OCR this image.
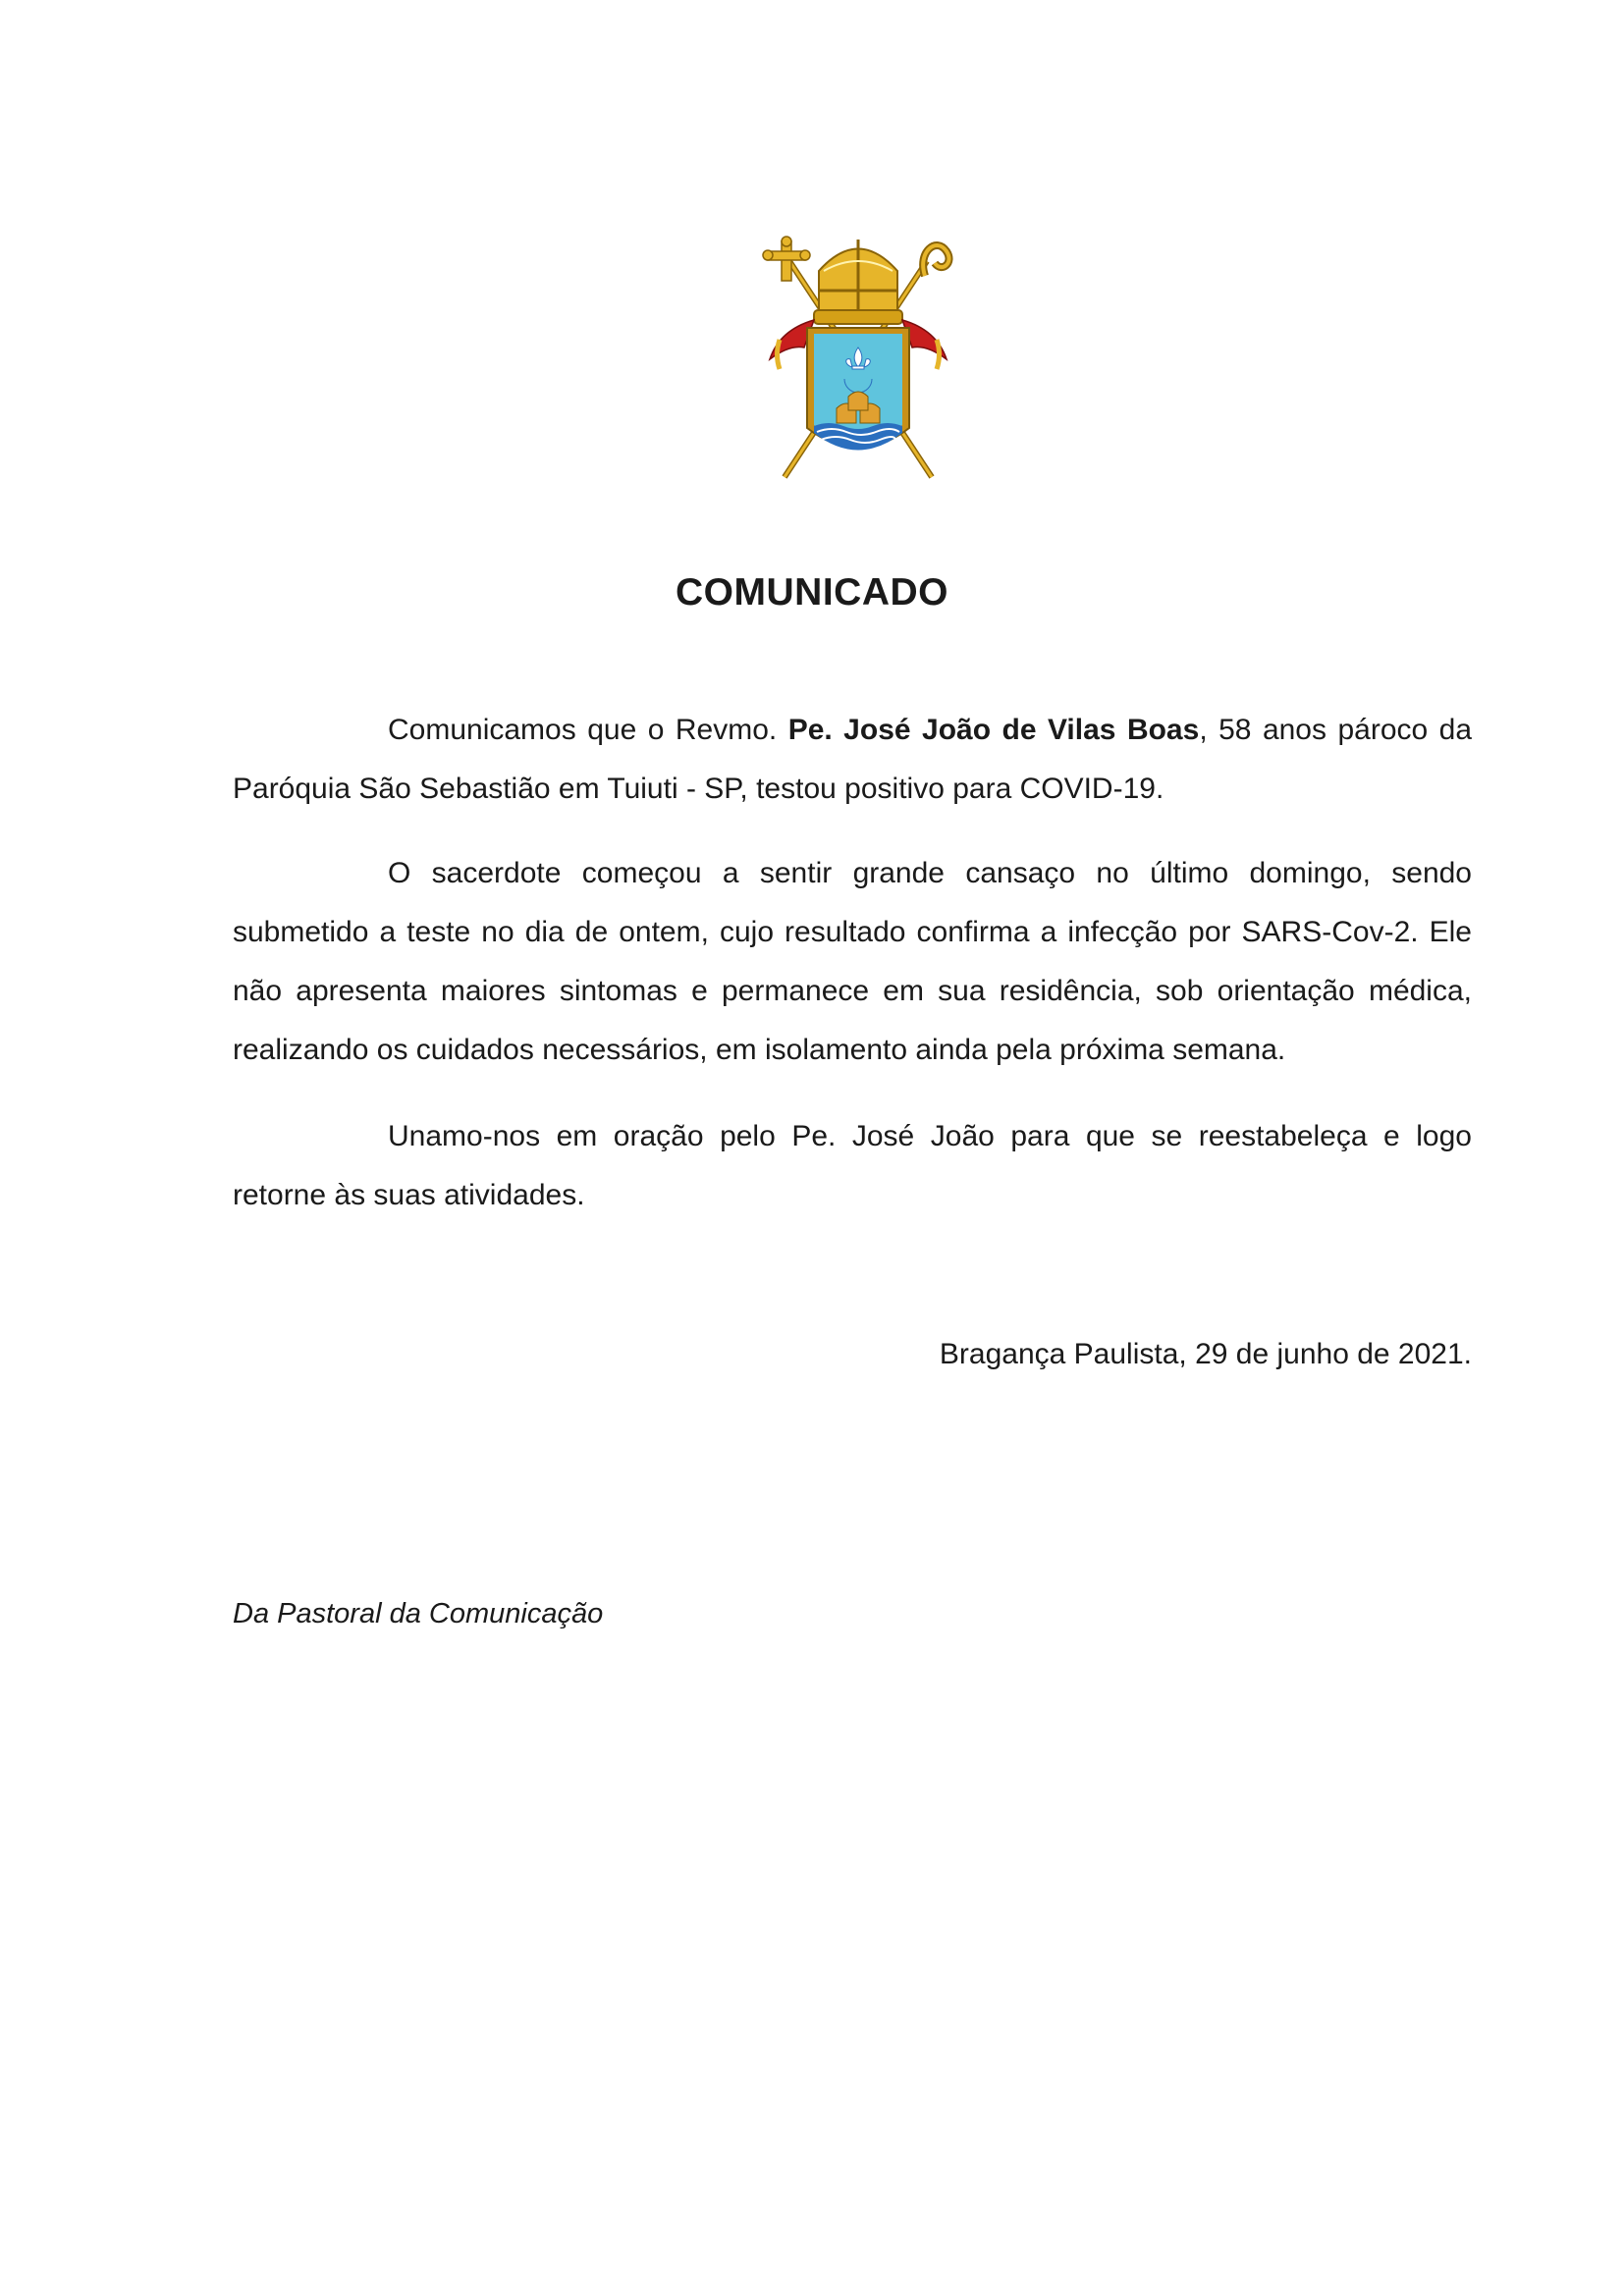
COMUNICADO

Comunicamos que o Revmo. Pe. José João de Vilas Boas, 58 anos pároco da Paróquia São Sebastião em Tuiuti - SP, testou positivo para COVID-19.

O sacerdote começou a sentir grande cansaço no último domingo, sendo submetido a teste no dia de ontem, cujo resultado confirma a infecção por SARS-Cov-2. Ele não apresenta maiores sintomas e permanece em sua residência, sob orientação médica, realizando os cuidados necessários, em isolamento ainda pela próxima semana.

Unamo-nos em oração pelo Pe. José João para que se reestabeleça e logo retorne às suas atividades.

Bragança Paulista, 29 de junho de 2021.
Da Pastoral da Comunicação
